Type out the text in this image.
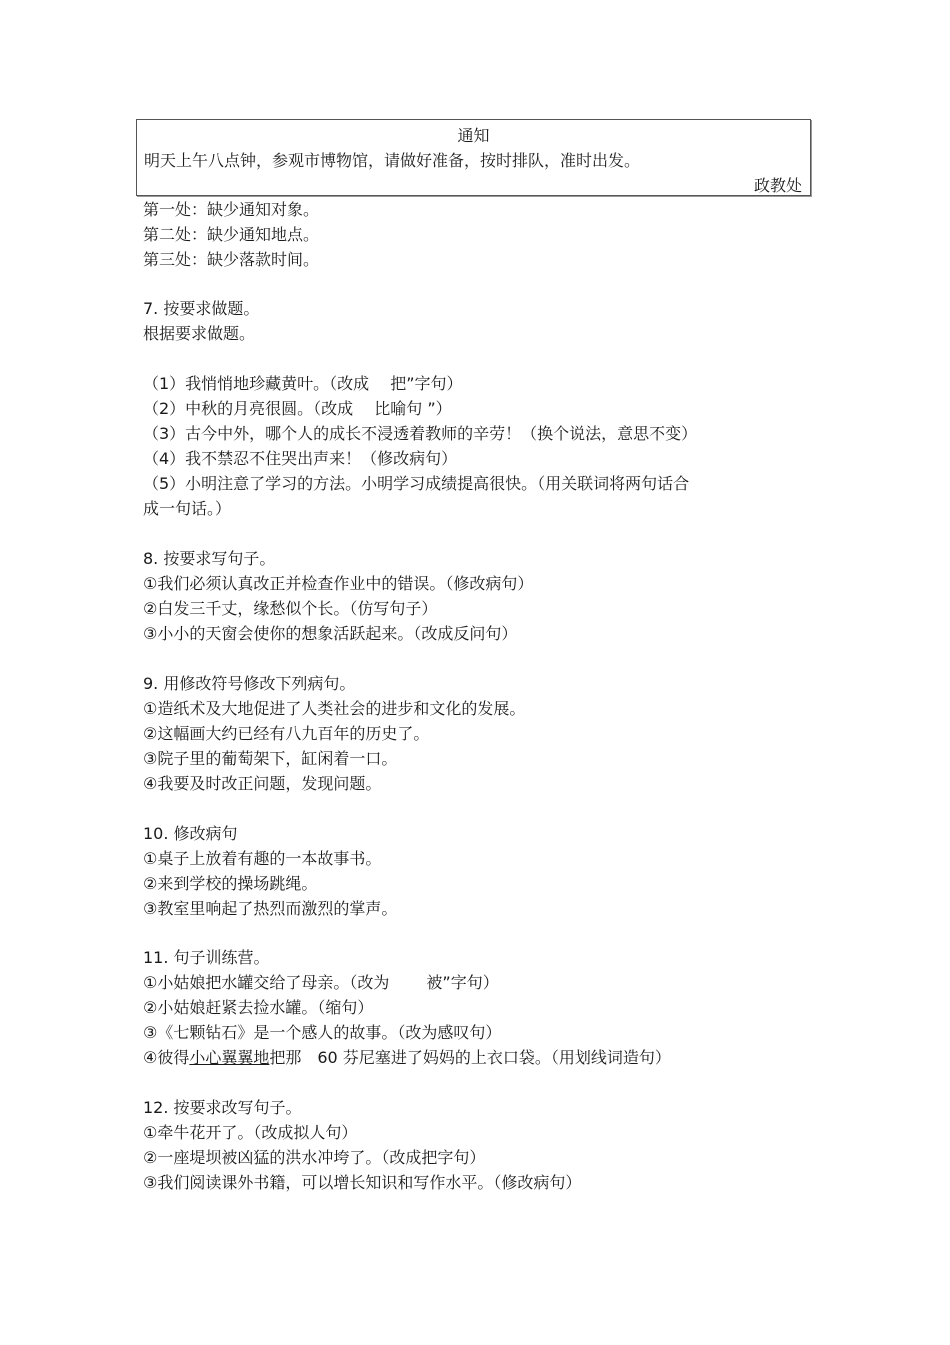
通知
明天上午八点钟，参观市博物馆，请做好准备，按时排队，准时出发。
政教处
第一处：缺少通知对象。
第二处：缺少通知地点。
第三处：缺少落款时间。
7. 按要求做题。
根据要求做题。
（1）我悄悄地珍藏黄叶。（改成　 把”字句）
（2）中秋的月亮很圆。（改成　 比喻句 ”）
（3）古今中外，哪个人的成长不浸透着教师的辛劳！（换个说法，意思不变）
（4）我不禁忍不住哭出声来！（修改病句）
（5）小明注意了学习的方法。小明学习成绩提高很快。（用关联词将两句话合
成一句话。）
8. 按要求写句子。
①我们必须认真改正并检查作业中的错误。（修改病句）
②白发三千丈，缘愁似个长。（仿写句子）
③小小的天窗会使你的想象活跃起来。（改成反问句）
9. 用修改符号修改下列病句。
①造纸术及大地促进了人类社会的进步和文化的发展。
②这幅画大约已经有八九百年的历史了。
③院子里的葡萄架下，缸闲着一口。
④我要及时改正问题，发现问题。
10. 修改病句
①桌子上放着有趣的一本故事书。
②来到学校的操场跳绳。
③教室里响起了热烈而激烈的掌声。
11. 句子训练营。
①小姑娘把水罐交给了母亲。（改为　　 被”字句）
②小姑娘赶紧去捡水罐。（缩句）
③《七颗钻石》是一个感人的故事。（改为感叹句）
④彼得小心翼翼地把那　60 芬尼塞进了妈妈的上衣口袋。（用划线词造句）
12. 按要求改写句子。
①牵牛花开了。（改成拟人句）
②一座堤坝被凶猛的洪水冲垮了。（改成把字句）
③我们阅读课外书籍，可以增长知识和写作水平。（修改病句）
